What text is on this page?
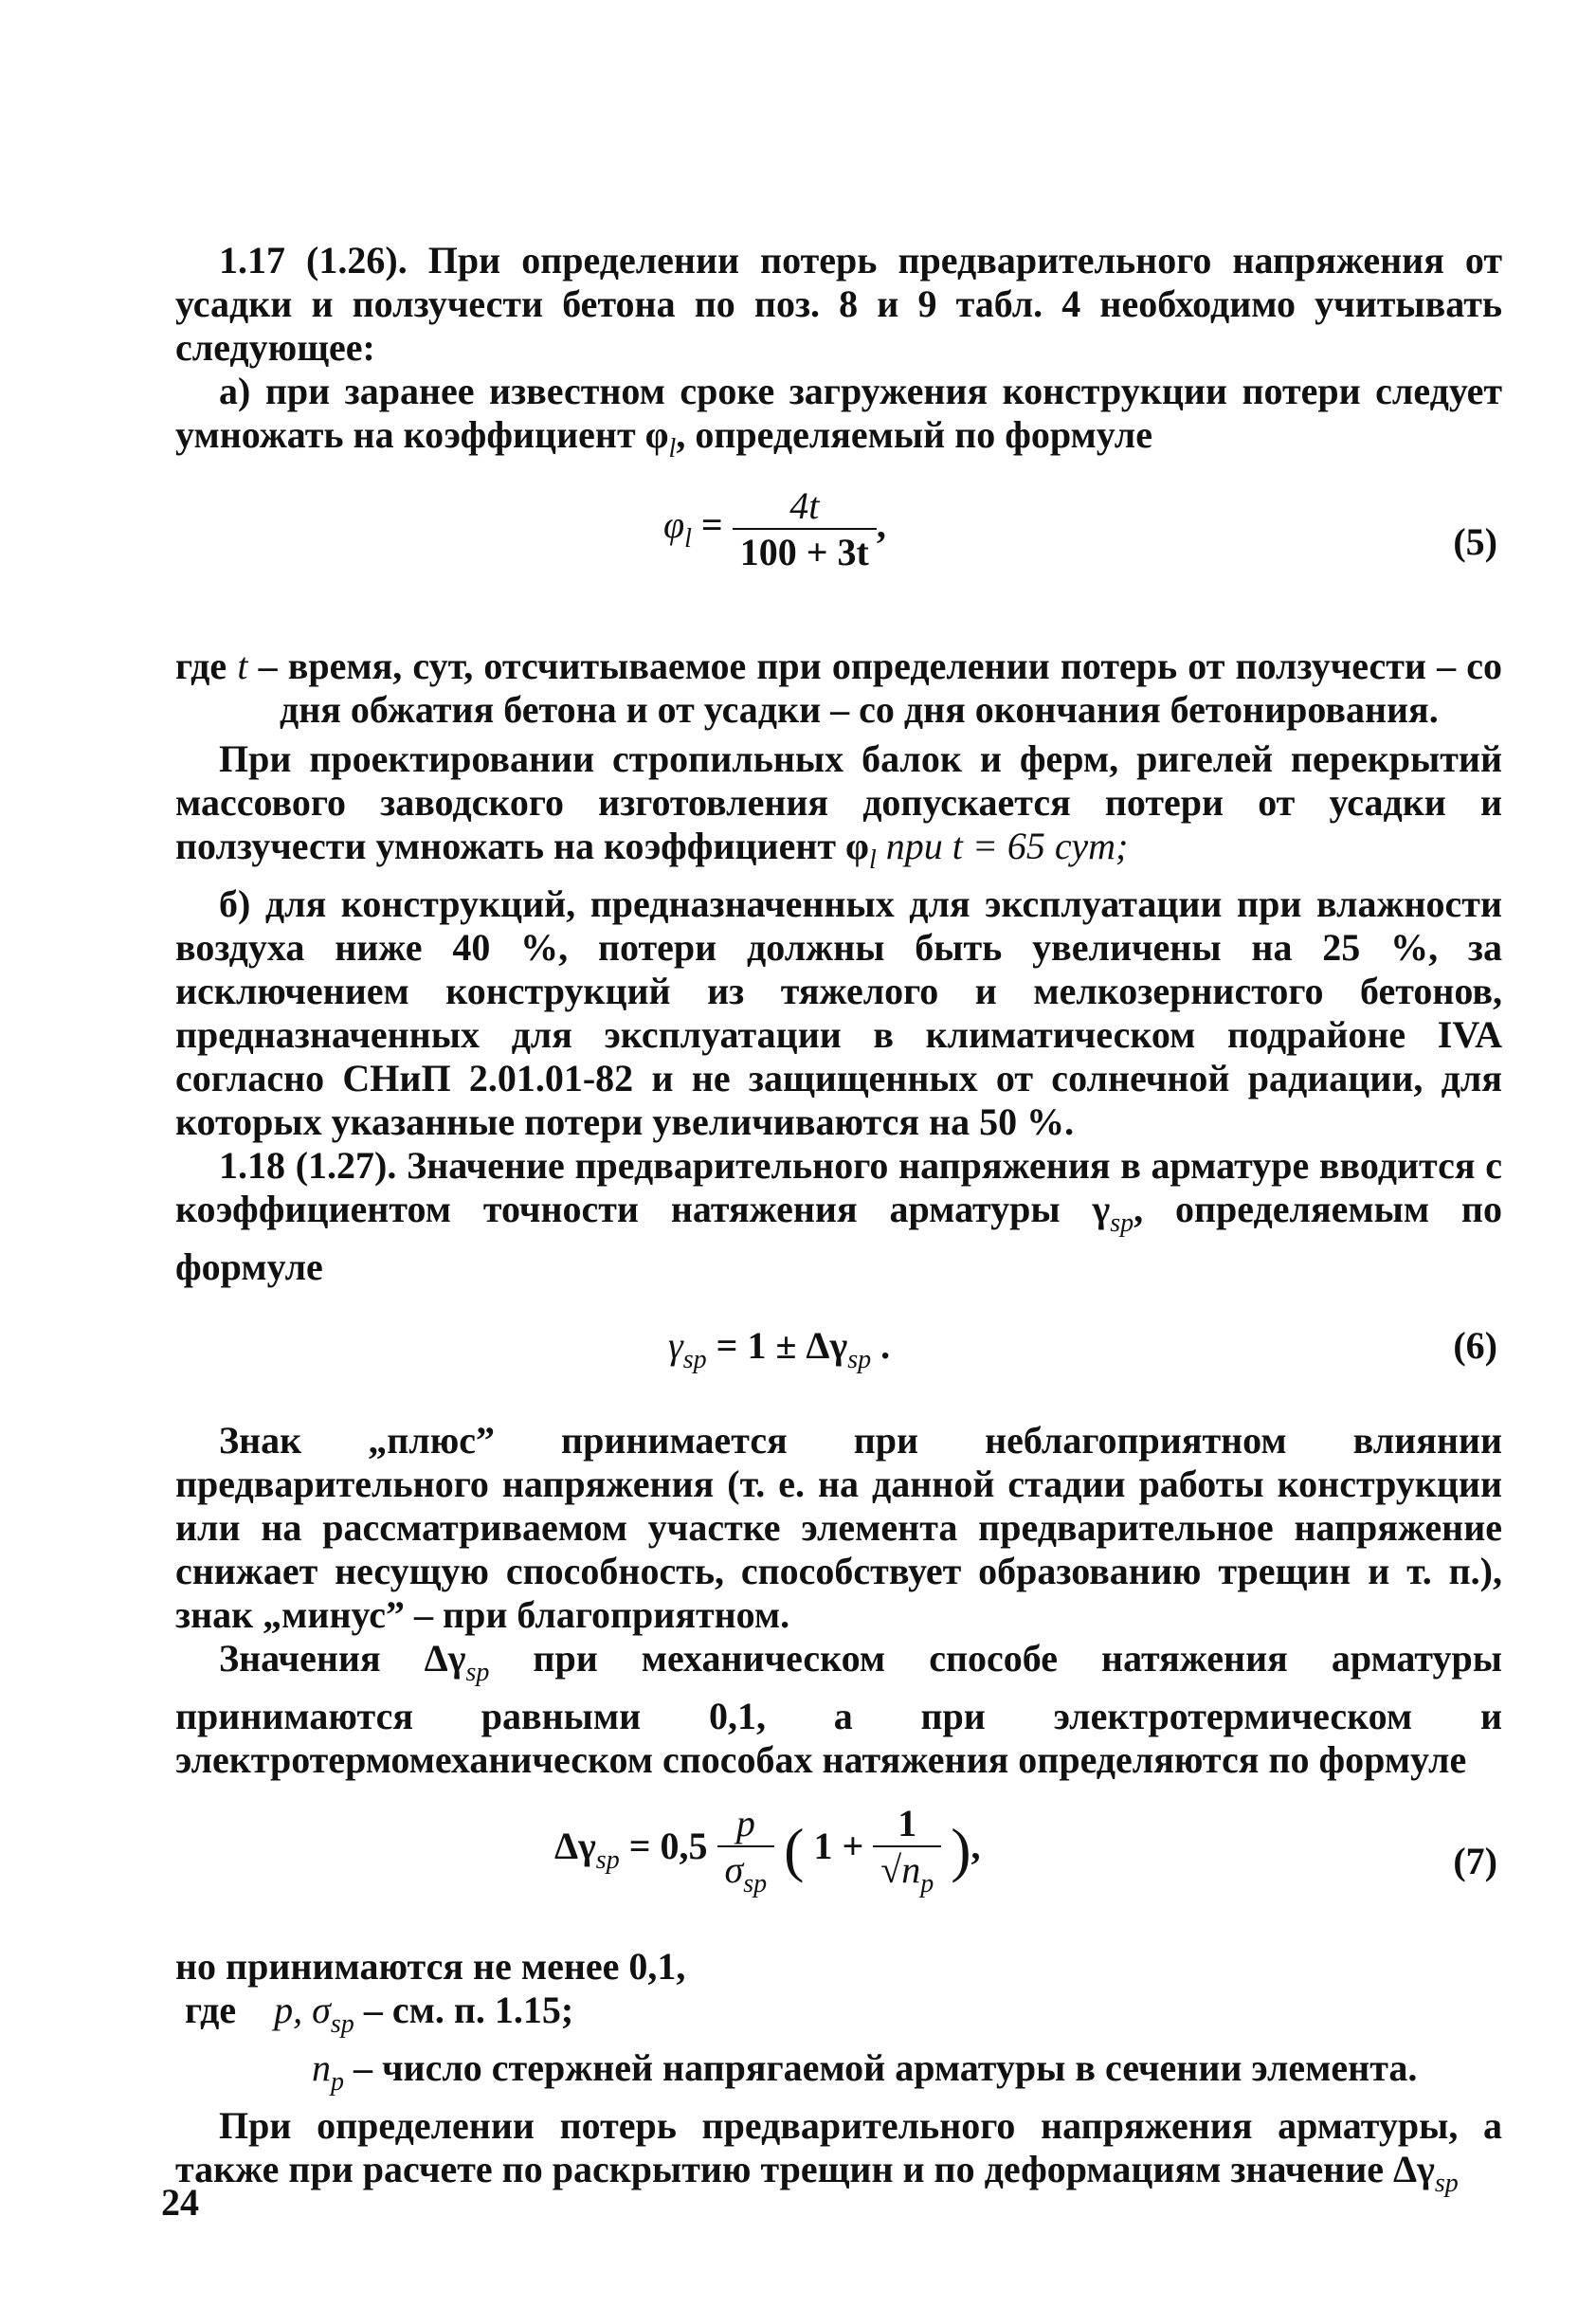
1.17 (1.26). При определении потерь предварительного напряжения от усадки и ползучести бетона по поз. 8 и 9 табл. 4 необходимо учитывать следующее:

а) при заранее известном сроке загружения конструкции потери следует умножать на коэффициент $\varphi_l$, определяемый по формуле

$\varphi_l = \frac{4t}{100 + 3t}$ ,	(5)

где t – время, сут, отсчитываемое при определении потерь от ползучести – со дня обжатия бетона и от усадки – со дня окончания бетонирования.

При проектировании стропильных балок и ферм, ригелей перекрытий массового заводского изготовления допускается потери от усадки и ползучести умножать на коэффициент $\varphi_l$ при t = 65 сут;

б) для конструкций, предназначенных для эксплуатации при влажности воздуха ниже 40 %, потери должны быть увеличены на 25 %, за исключением конструкций из тяжелого и мелкозернистого бетонов, предназначенных для эксплуатации в климатическом подрайоне IVA согласно СНиП 2.01.01-82 и не защищенных от солнечной радиации, для которых указанные потери увеличиваются на 50 %.

1.18 (1.27). Значение предварительного напряжения в арматуре вводится с коэффициентом точности натяжения арматуры $\gamma_{sp}$, определяемым по формуле

$\gamma_{sp} = 1 \pm \Delta\gamma_{sp}$ .	(6)

Знак „плюс” принимается при неблагоприятном влиянии предварительного напряжения (т. е. на данной стадии работы конструкции или на рассматриваемом участке элемента предварительное напряжение снижает несущую способность, способствует образованию трещин и т. п.), знак „минус” – при благоприятном.

Значения $\Delta\gamma_{sp}$ при механическом способе натяжения арматуры принимаются равными 0,1, а при электротермическом и электротермомеханическом способах натяжения определяются по формуле

$\Delta\gamma_{sp} = 0,5 \frac{p}{\sigma_{sp}}$ ( $1 + \frac{1}{√n_p}$ ),	(7)

но принимаются не менее 0,1,

где p, $\sigma_{sp}$ – см. п. 1.15;

$n_p$ – число стержней напрягаемой арматуры в сечении элемента.

При определении потерь предварительного напряжения арматуры, а также при расчете по раскрытию трещин и по деформациям значение $\Delta\gamma_{sp}$

24
